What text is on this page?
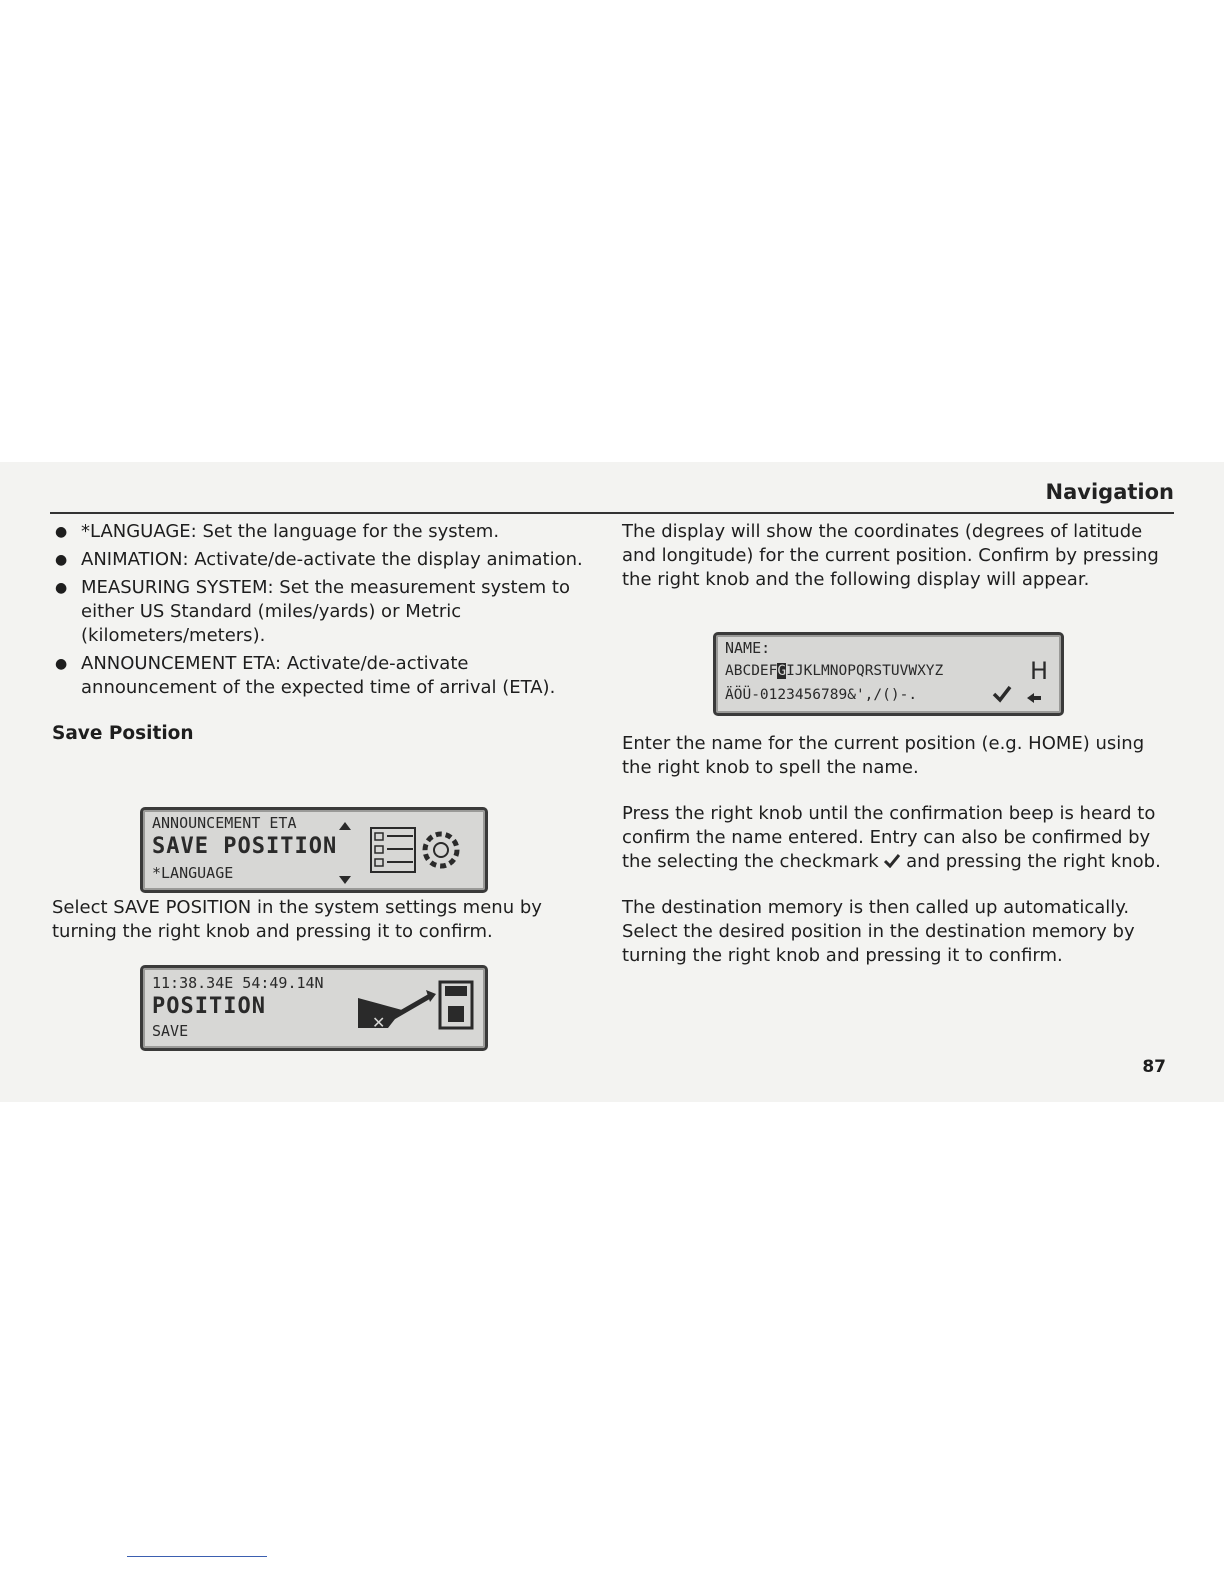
Navigation
● *LANGUAGE: Set the language for the system.
● ANIMATION: Activate/de-activate the display animation.
● MEASURING SYSTEM: Set the measurement system to either US Standard (miles/yards) or Metric (kilometers/meters).
● ANNOUNCEMENT ETA: Activate/de-activate announcement of the expected time of arrival (ETA).
Save Position
ANNOUNCEMENT ETA
SAVE POSITION
*LANGUAGE

Select SAVE POSITION in the system settings menu by turning the right knob and pressing it to confirm.

11:38.34E 54:49.14N
POSITION
SAVE	✕

The display will show the coordinates (degrees of latitude and longitude) for the current position. Confirm by pressing the right knob and the following display will appear.

NAME:
ABCDEFGIJKLMNOPQRSTUVWXYZ	H
ÄÖÜ-0123456789&',/()-.

Enter the name for the current position (e.g. HOME) using the right knob to spell the name.

Press the right knob until the confirmation beep is heard to confirm the name entered. Entry can also be confirmed by the selecting the checkmark and pressing the right knob.

The destination memory is then called up automatically. Select the desired position in the destination memory by turning the right knob and pressing it to confirm.

87
